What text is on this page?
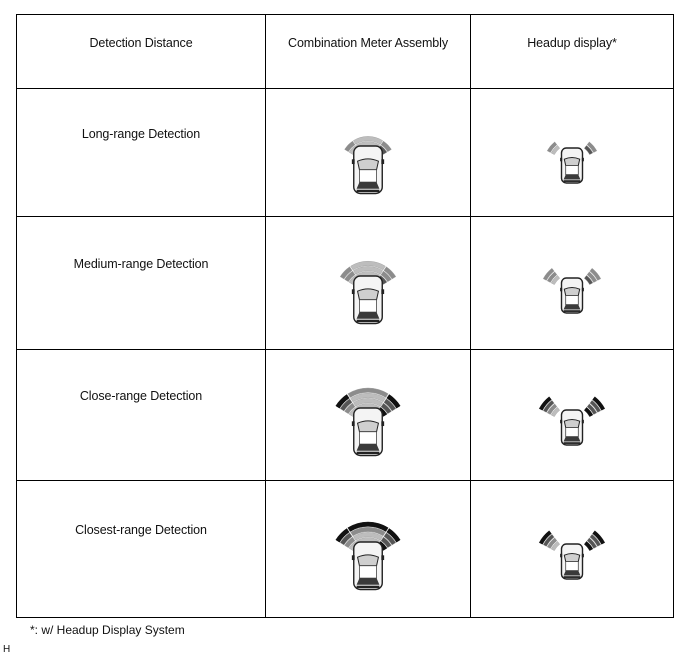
Detection Distance	Combination Meter Assembly	Headup display*

Long-range Detection

Medium-range Detection

Close-range Detection

Closest-range Detection

*: w/ Headup Display System
H
